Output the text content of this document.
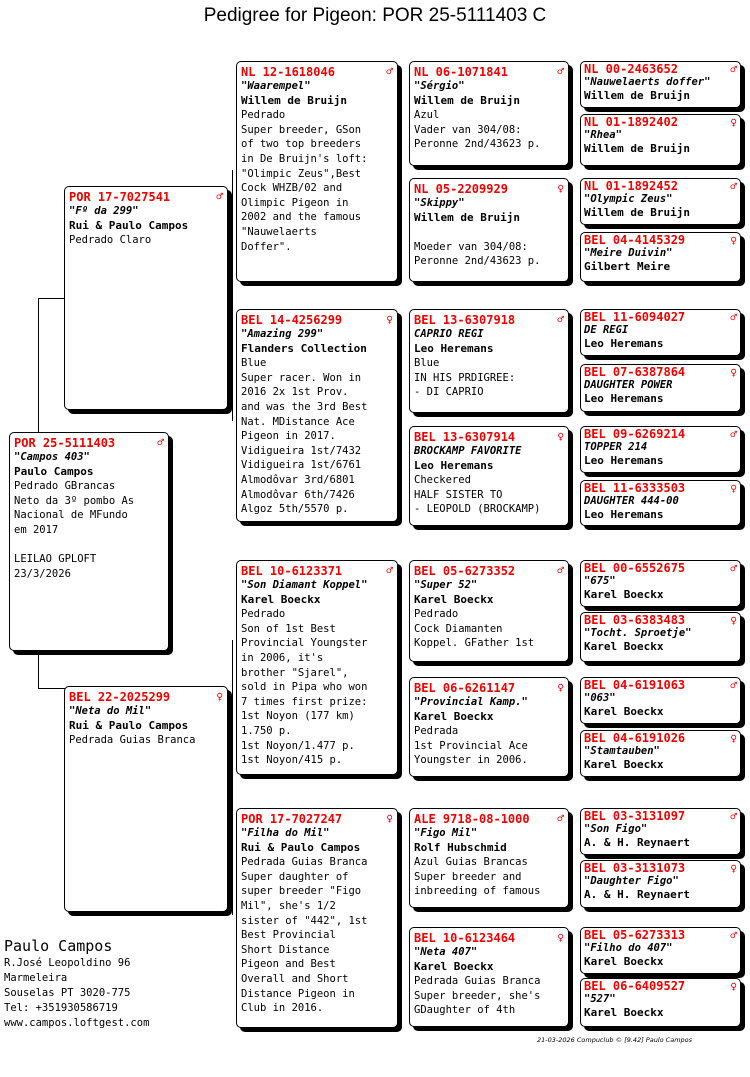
Pedigree for Pigeon: POR 25-5111403 C
POR 25-5111403	♂
"Campos 403"
Paulo Campos
Pedrado GBrancas
Neto da 3º pombo As
Nacional de MFundo
em 2017
LEILAO GPLOFT
23/3/2026
POR 17-7027541	♂
"Fº da 299"
Rui & Paulo Campos
Pedrado Claro
BEL 22-2025299	♀
"Neta do Mil"
Rui & Paulo Campos
Pedrada Guias Branca
NL 12-1618046	♂
"Waarempel"
Willem de Bruijn
Pedrado
Super breeder, GSon
of two top breeders
in De Bruijn's loft:
"Olimpic Zeus",Best
Cock WHZB/02 and
Olimpic Pigeon in
2002 and the famous
"Nauwelaerts
Doffer".
BEL 14-4256299	♀
"Amazing 299"
Flanders Collection
Blue
Super racer. Won in
2016 2x 1st Prov.
and was the 3rd Best
Nat. MDistance Ace
Pigeon in 2017.
Vidigueira 1st/7432
Vidigueira 1st/6761
Almodôvar 3rd/6801
Almodôvar 6th/7426
Algoz 5th/5570 p.
BEL 10-6123371	♂
"Son Diamant Koppel"
Karel Boeckx
Pedrado
Son of 1st Best
Provincial Youngster
in 2006, it's
brother "Sjarel",
sold in Pipa who won
7 times first prize:
1st Noyon (177 km)
1.750 p.
1st Noyon/1.477 p.
1st Noyon/415 p.
POR 17-7027247	♀
"Filha do Mil"
Rui & Paulo Campos
Pedrada Guias Branca
Super daughter of
super breeder "Figo
Mil", she's 1/2
sister of "442", 1st
Best Provincial
Short Distance
Pigeon and Best
Overall and Short
Distance Pigeon in
Club in 2016.
NL 06-1071841	♂
"Sérgio"
Willem de Bruijn
Azul
Vader van 304/08:
Peronne 2nd/43623 p.
NL 05-2209929	♀
"Skippy"
Willem de Bruijn
Moeder van 304/08:
Peronne 2nd/43623 p.
BEL 13-6307918	♂
CAPRIO REGI
Leo Heremans
Blue
IN HIS PRDIGREE:
- DI CAPRIO
BEL 13-6307914	♀
BROCKAMP FAVORITE
Leo Heremans
Checkered
HALF SISTER TO
- LEOPOLD (BROCKAMP)
BEL 05-6273352	♂
"Super 52"
Karel Boeckx
Pedrado
Cock Diamanten
Koppel. GFather 1st
BEL 06-6261147	♀
"Provincial Kamp."
Karel Boeckx
Pedrada
1st Provincial Ace
Youngster in 2006.
ALE 9718-08-1000	♂
"Figo Mil"
Rolf Hubschmid
Azul Guias Brancas
Super breeder and
inbreeding of famous
BEL 10-6123464	♀
"Neta 407"
Karel Boeckx
Pedrada Guias Branca
Super breeder, she's
GDaughter of 4th
NL 00-2463652	♂
"Nauwelaerts doffer"
Willem de Bruijn
NL 01-1892402	♀
"Rhea"
Willem de Bruijn
NL 01-1892452	♂
"Olympic Zeus"
Willem de Bruijn
BEL 04-4145329	♀
"Meire Duivin"
Gilbert Meire
BEL 11-6094027	♂
DE REGI
Leo Heremans
BEL 07-6387864	♀
DAUGHTER POWER
Leo Heremans
BEL 09-6269214	♂
TOPPER 214
Leo Heremans
BEL 11-6333503	♀
DAUGHTER 444-00
Leo Heremans
BEL 00-6552675	♂
"675"
Karel Boeckx
BEL 03-6383483	♀
"Tocht. Sproetje"
Karel Boeckx
BEL 04-6191063	♂
"063"
Karel Boeckx
BEL 04-6191026	♀
"Stamtauben"
Karel Boeckx
BEL 03-3131097	♂
"Son Figo"
A. & H. Reynaert
BEL 03-3131073	♀
"Daughter Figo"
A. & H. Reynaert
BEL 05-6273313	♂
"Filho do 407"
Karel Boeckx
BEL 06-6409527	♀
"527"
Karel Boeckx
Paulo Campos
R.José Leopoldino 96
Marmeleira
Souselas PT 3020-775
Tel: +351930586719
www.campos.loftgest.com
21-03-2026 Compuclub © [9.42] Paulo Campos
